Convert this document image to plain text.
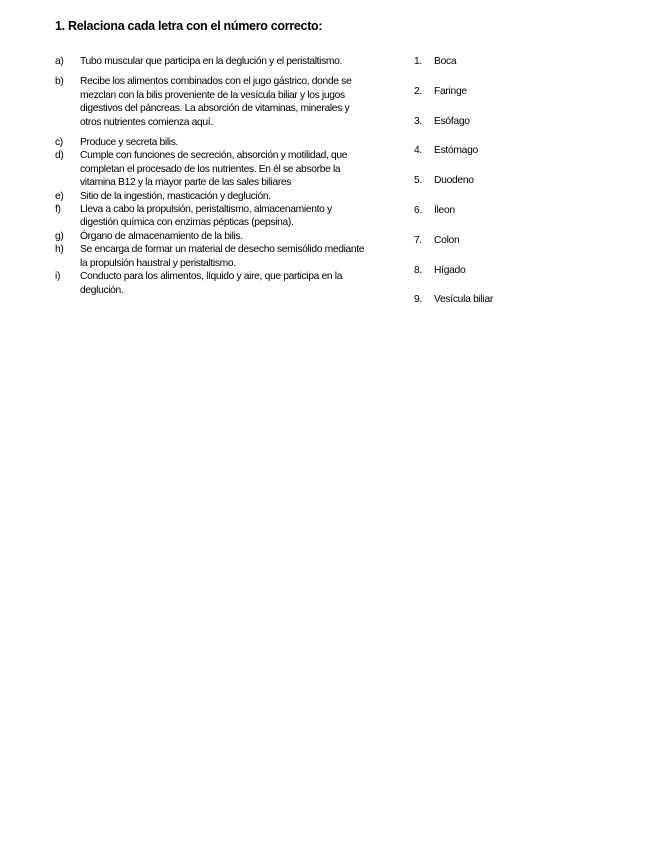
1. Relaciona cada letra con el número correcto:
a)	Tubo muscular que participa en la deglución y el peristaltismo.
b)	Recibe los alimentos combinados con el jugo gástrico, donde se mezclan con la bilis proveniente de la vesícula biliar y los jugos digestivos del páncreas. La absorción de vitaminas, minerales y otros nutrientes comienza aquí.
c)	Produce y secreta bilis.
d)	Cumple con funciones de secreción, absorción y motilidad, que completan el procesado de los nutrientes. En él se absorbe la vitamina B12 y la mayor parte de las sales biliares
e)	Sitio de la ingestión, masticación y deglución.
f)	Lleva a cabo la propulsión, peristaltismo, almacenamiento y digestión química con enzimas pépticas (pepsina).
g)	Órgano de almacenamiento de la bilis.
h)	Se encarga de formar un material de desecho semisólido mediante la propulsión haustral y peristaltismo.
i)	Conducto para los alimentos, líquido y aire, que participa en la deglución.
1.	Boca
2.	Faringe
3.	Esófago
4.	Estómago
5.	Duodeno
6.	Íleon
7.	Colon
8.	Hígado
9.	Vesícula biliar
